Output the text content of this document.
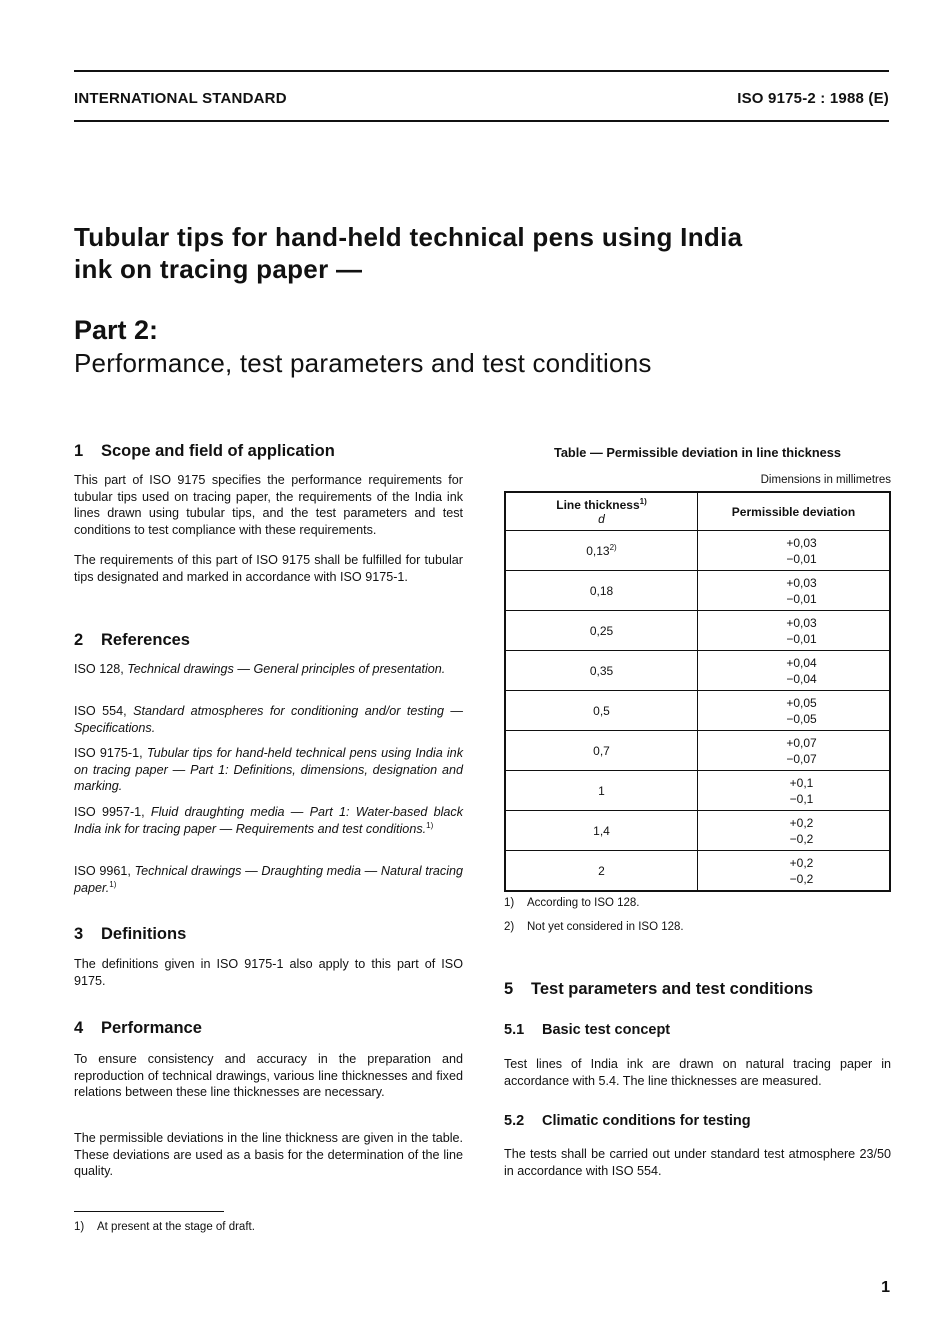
INTERNATIONAL STANDARD	ISO 9175-2 : 1988 (E)
Tubular tips for hand-held technical pens using India
ink on tracing paper —
Part 2:
Performance, test parameters and test conditions
1 Scope and field of application
This part of ISO 9175 specifies the performance requirements for tubular tips used on tracing paper, the requirements of the India ink lines drawn using tubular tips, and the test parameters and test conditions to test compliance with these requirements.
The requirements of this part of ISO 9175 shall be fulfilled for tubular tips designated and marked in accordance with ISO 9175-1.
2 References
ISO 128, Technical drawings — General principles of presentation.
ISO 554, Standard atmospheres for conditioning and/or testing — Specifications.
ISO 9175-1, Tubular tips for hand-held technical pens using India ink on tracing paper — Part 1: Definitions, dimensions, designation and marking.
ISO 9957-1, Fluid draughting media — Part 1: Water-based black India ink for tracing paper — Requirements and test conditions.$^{1)}$
ISO 9961, Technical drawings — Draughting media — Natural tracing paper.$^{1)}$
3 Definitions
The definitions given in ISO 9175-1 also apply to this part of ISO 9175.
4 Performance
To ensure consistency and accuracy in the preparation and reproduction of technical drawings, various line thicknesses and fixed relations between these line thicknesses are necessary.
The permissible deviations in the line thickness are given in the table. These deviations are used as a basis for the determination of the line quality.
Table — Permissible deviation in line thickness
Dimensions in millimetres
Line thickness$^{1)}$
d	Permissible deviation
$0,13^{2)}$	+0,03
−0,01

0,18	+0,03
−0,01

0,25	+0,03
−0,01

0,35	+0,04
−0,04

0,5	+0,05
−0,05

0,7	+0,07
−0,07

1	+0,1
−0,1

1,4	+0,2
−0,2

2	+0,2
−0,2
1) According to ISO 128.
2) Not yet considered in ISO 128.
5 Test parameters and test conditions
5.1 Basic test concept
Test lines of India ink are drawn on natural tracing paper in accordance with 5.4. The line thicknesses are measured.
5.2 Climatic conditions for testing
The tests shall be carried out under standard test atmosphere 23/50 in accordance with ISO 554.
1) At present at the stage of draft.
1
